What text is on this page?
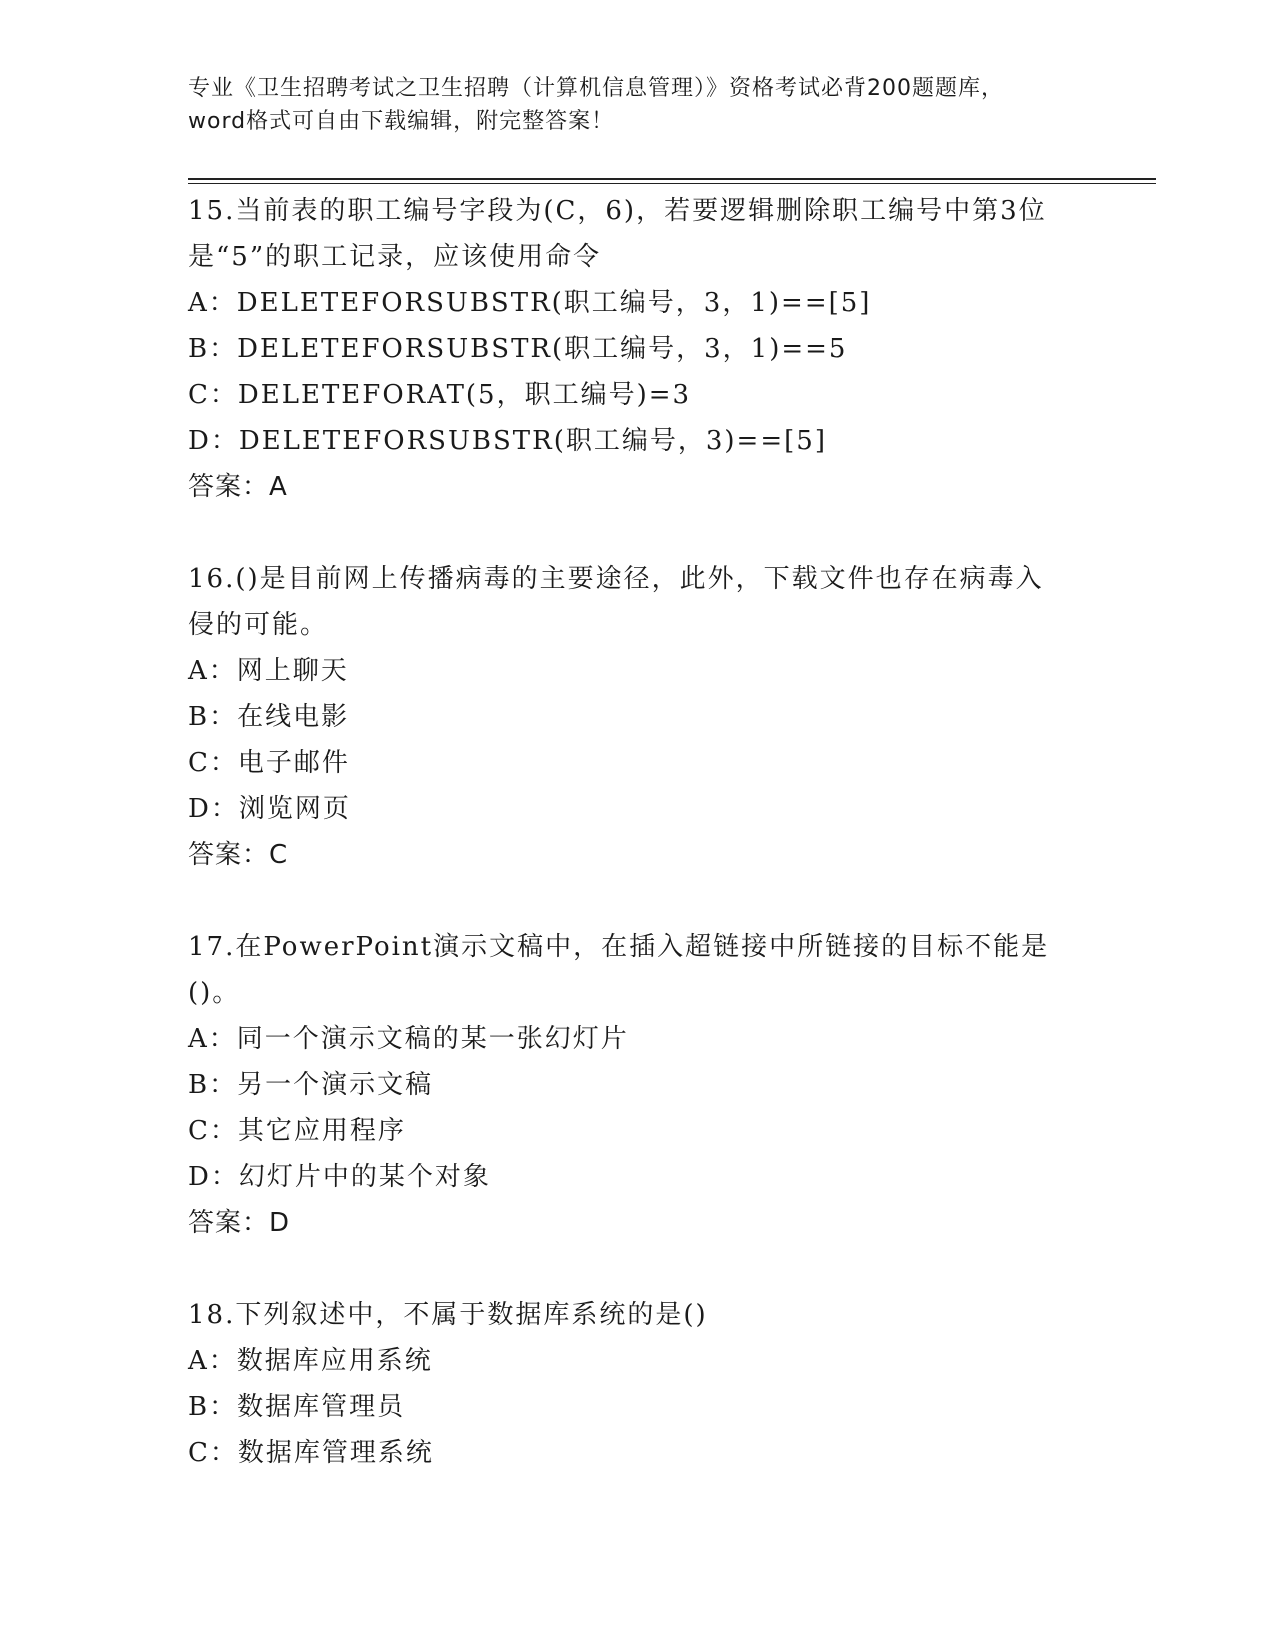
专业《卫生招聘考试之卫生招聘（计算机信息管理）》资格考试必背200题题库，
word格式可自由下载编辑，附完整答案！
15.当前表的职工编号字段为(C，6)，若要逻辑删除职工编号中第3位
是“5”的职工记录，应该使用命令
A：DELETEFORSUBSTR(职工编号，3，1)==[5]
B：DELETEFORSUBSTR(职工编号，3，1)==5
C：DELETEFORAT(5，职工编号)=3
D：DELETEFORSUBSTR(职工编号，3)==[5]
答案：A
16.()是目前网上传播病毒的主要途径，此外，下载文件也存在病毒入
侵的可能。
A：网上聊天
B：在线电影
C：电子邮件
D：浏览网页
答案：C
17.在PowerPoint演示文稿中，在插入超链接中所链接的目标不能是
()。
A：同一个演示文稿的某一张幻灯片
B：另一个演示文稿
C：其它应用程序
D：幻灯片中的某个对象
答案：D
18.下列叙述中，不属于数据库系统的是()
A：数据库应用系统
B：数据库管理员
C：数据库管理系统
